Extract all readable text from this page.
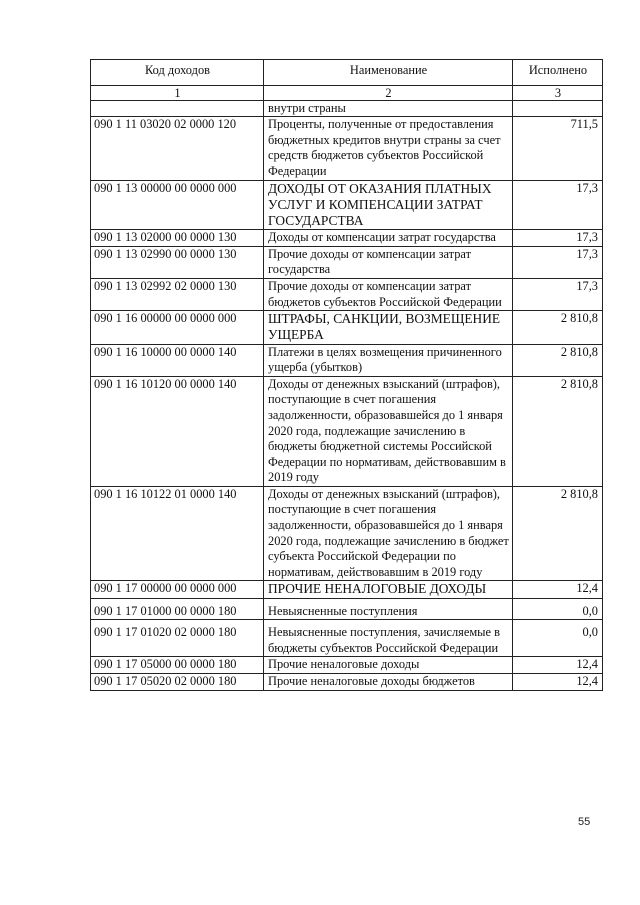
Код доходов	Наименование	Исполнено
1	2	3
	внутри страны	
090 1 11 03020 02 0000 120	Проценты, полученные от предоставления бюджетных кредитов внутри страны за счет средств бюджетов субъектов Российской Федерации	711,5
090 1 13 00000 00 0000 000	ДОХОДЫ ОТ ОКАЗАНИЯ ПЛАТНЫХ УСЛУГ И КОМПЕНСАЦИИ ЗАТРАТ ГОСУДАРСТВА	17,3
090 1 13 02000 00 0000 130	Доходы от компенсации затрат государства	17,3
090 1 13 02990 00 0000 130	Прочие доходы от компенсации затрат государства	17,3
090 1 13 02992 02 0000 130	Прочие доходы от компенсации затрат бюджетов субъектов Российской Федерации	17,3
090 1 16 00000 00 0000 000	ШТРАФЫ, САНКЦИИ, ВОЗМЕЩЕНИЕ УЩЕРБА	2 810,8
090 1 16 10000 00 0000 140	Платежи в целях возмещения причиненного ущерба (убытков)	2 810,8
090 1 16 10120 00 0000 140	Доходы от денежных взысканий (штрафов), поступающие в счет погашения задолженности, образовавшейся до 1 января 2020 года, подлежащие зачислению в бюджеты бюджетной системы Российской Федерации по нормативам, действовавшим в 2019 году	2 810,8
090 1 16 10122 01 0000 140	Доходы от денежных взысканий (штрафов), поступающие в счет погашения задолженности, образовавшейся до 1 января 2020 года, подлежащие зачислению в бюджет субъекта Российской Федерации по нормативам, действовавшим в 2019 году	2 810,8
090 1 17 00000 00 0000 000	ПРОЧИЕ НЕНАЛОГОВЫЕ ДОХОДЫ	12,4
090 1 17 01000 00 0000 180	Невыясненные поступления	0,0
090 1 17 01020 02 0000 180	Невыясненные поступления, зачисляемые в бюджеты субъектов Российской Федерации	0,0
090 1 17 05000 00 0000 180	Прочие неналоговые доходы	12,4
090 1 17 05020 02 0000 180	Прочие неналоговые доходы бюджетов	12,4
55
